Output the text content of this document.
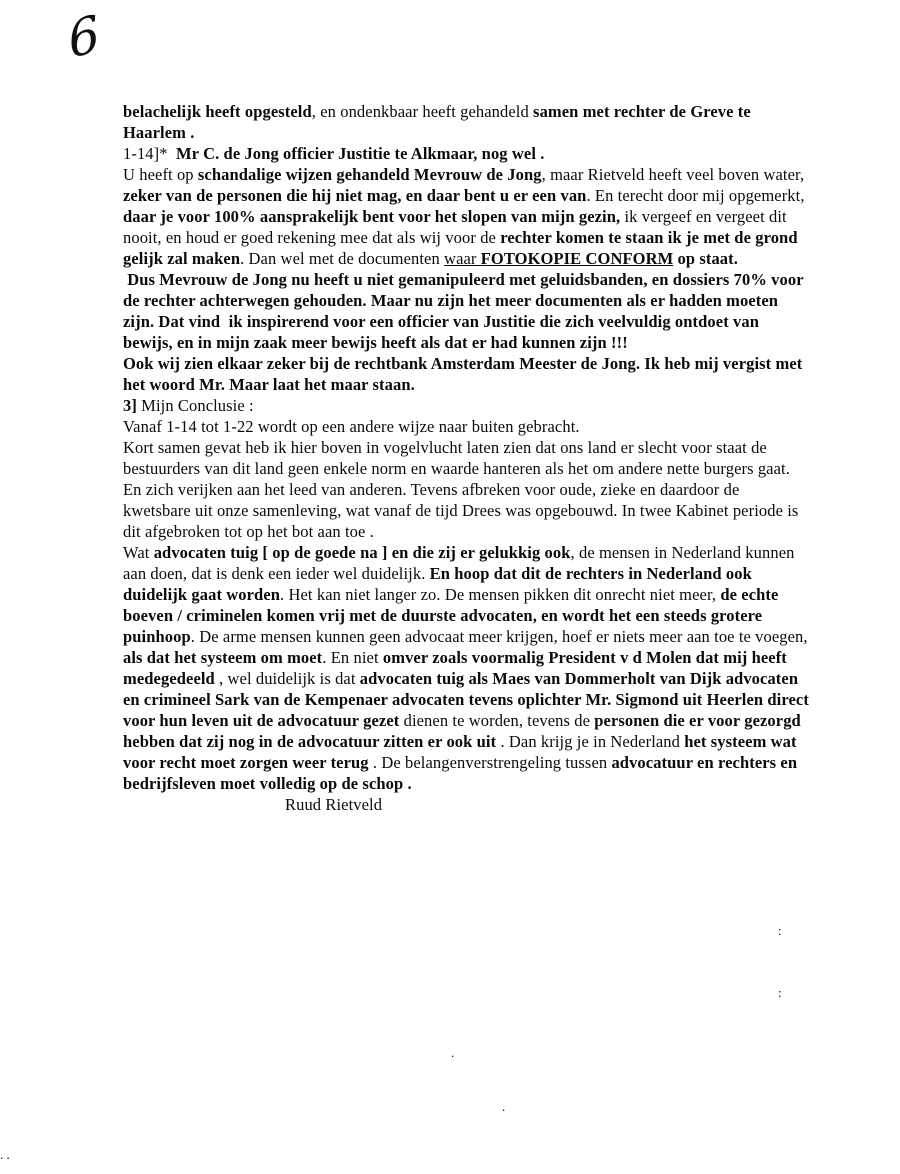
6

belachelijk heeft opgesteld, en ondenkbaar heeft gehandeld samen met rechter de Greve te Haarlem .

1-14]*  Mr C. de Jong officier Justitie te Alkmaar, nog wel .

U heeft op schandalige wijzen gehandeld Mevrouw de Jong, maar Rietveld heeft veel boven water, zeker van de personen die hij niet mag, en daar bent u er een van. En terecht door mij opgemerkt, daar je voor 100% aansprakelijk bent voor het slopen van mijn gezin, ik vergeef en vergeet dit nooit, en houd er goed rekening mee dat als wij voor de rechter komen te staan ik je met de grond gelijk zal maken. Dan wel met de documenten waar FOTOKOPIE CONFORM op staat.

Dus Mevrouw de Jong nu heeft u niet gemanipuleerd met geluidsbanden, en dossiers 70% voor de rechter achterwegen gehouden. Maar nu zijn het meer documenten als er hadden moeten zijn. Dat vind  ik inspirerend voor een officier van Justitie die zich veelvuldig ontdoet van bewijs, en in mijn zaak meer bewijs heeft als dat er had kunnen zijn !!!
Ook wij zien elkaar zeker bij de rechtbank Amsterdam Meester de Jong. Ik heb mij vergist met het woord Mr. Maar laat het maar staan.

3] Mijn Conclusie :

Vanaf 1-14 tot 1-22 wordt op een andere wijze naar buiten gebracht.

Kort samen gevat heb ik hier boven in vogelvlucht laten zien dat ons land er slecht voor staat de bestuurders van dit land geen enkele norm en waarde hanteren als het om andere nette burgers gaat. En zich verijken aan het leed van anderen. Tevens afbreken voor oude, zieke en daardoor de kwetsbare uit onze samenleving, wat vanaf de tijd Drees was opgebouwd. In twee Kabinet periode is dit afgebroken tot op het bot aan toe .

Wat advocaten tuig [ op de goede na ] en die zij er gelukkig ook, de mensen in Nederland kunnen aan doen, dat is denk een ieder wel duidelijk. En hoop dat dit de rechters in Nederland ook duidelijk gaat worden. Het kan niet langer zo. De mensen pikken dit onrecht niet meer, de echte boeven / criminelen komen vrij met de duurste advocaten, en wordt het een steeds grotere puinhoop. De arme mensen kunnen geen advocaat meer krijgen, hoef er niets meer aan toe te voegen, als dat het systeem om moet. En niet omver zoals voormalig President v d Molen dat mij heeft medegedeeld , wel duidelijk is dat advocaten tuig als Maes van Dommerholt van Dijk advocaten en crimineel Sark van de Kempenaer advocaten tevens oplichter Mr. Sigmond uit Heerlen direct voor hun leven uit de advocatuur gezet dienen te worden, tevens de personen die er voor gezorgd hebben dat zij nog in de advocatuur zitten er ook uit . Dan krijg je in Nederland het systeem wat voor recht moet zorgen weer terug . De belangenverstrengeling tussen advocatuur en rechters en bedrijfsleven moet volledig op de schop .

Ruud Rietveld

:
:
.
.
. .
